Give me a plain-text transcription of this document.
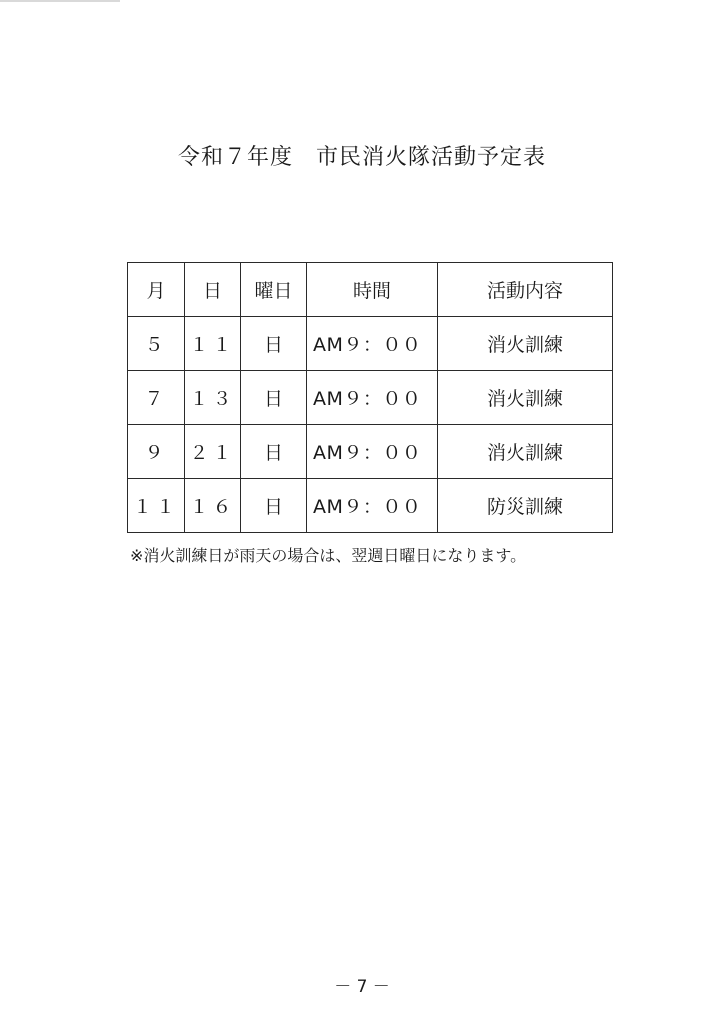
令和７年度　市民消火隊活動予定表
月	日	曜日	時間	活動内容
５	１１	日	AM９：００	消火訓練
７	１３	日	AM９：００	消火訓練
９	２１	日	AM９：００	消火訓練
１１	１６	日	AM９：００	防災訓練
※消火訓練日が雨天の場合は、翌週日曜日になります。
－ 7 －
